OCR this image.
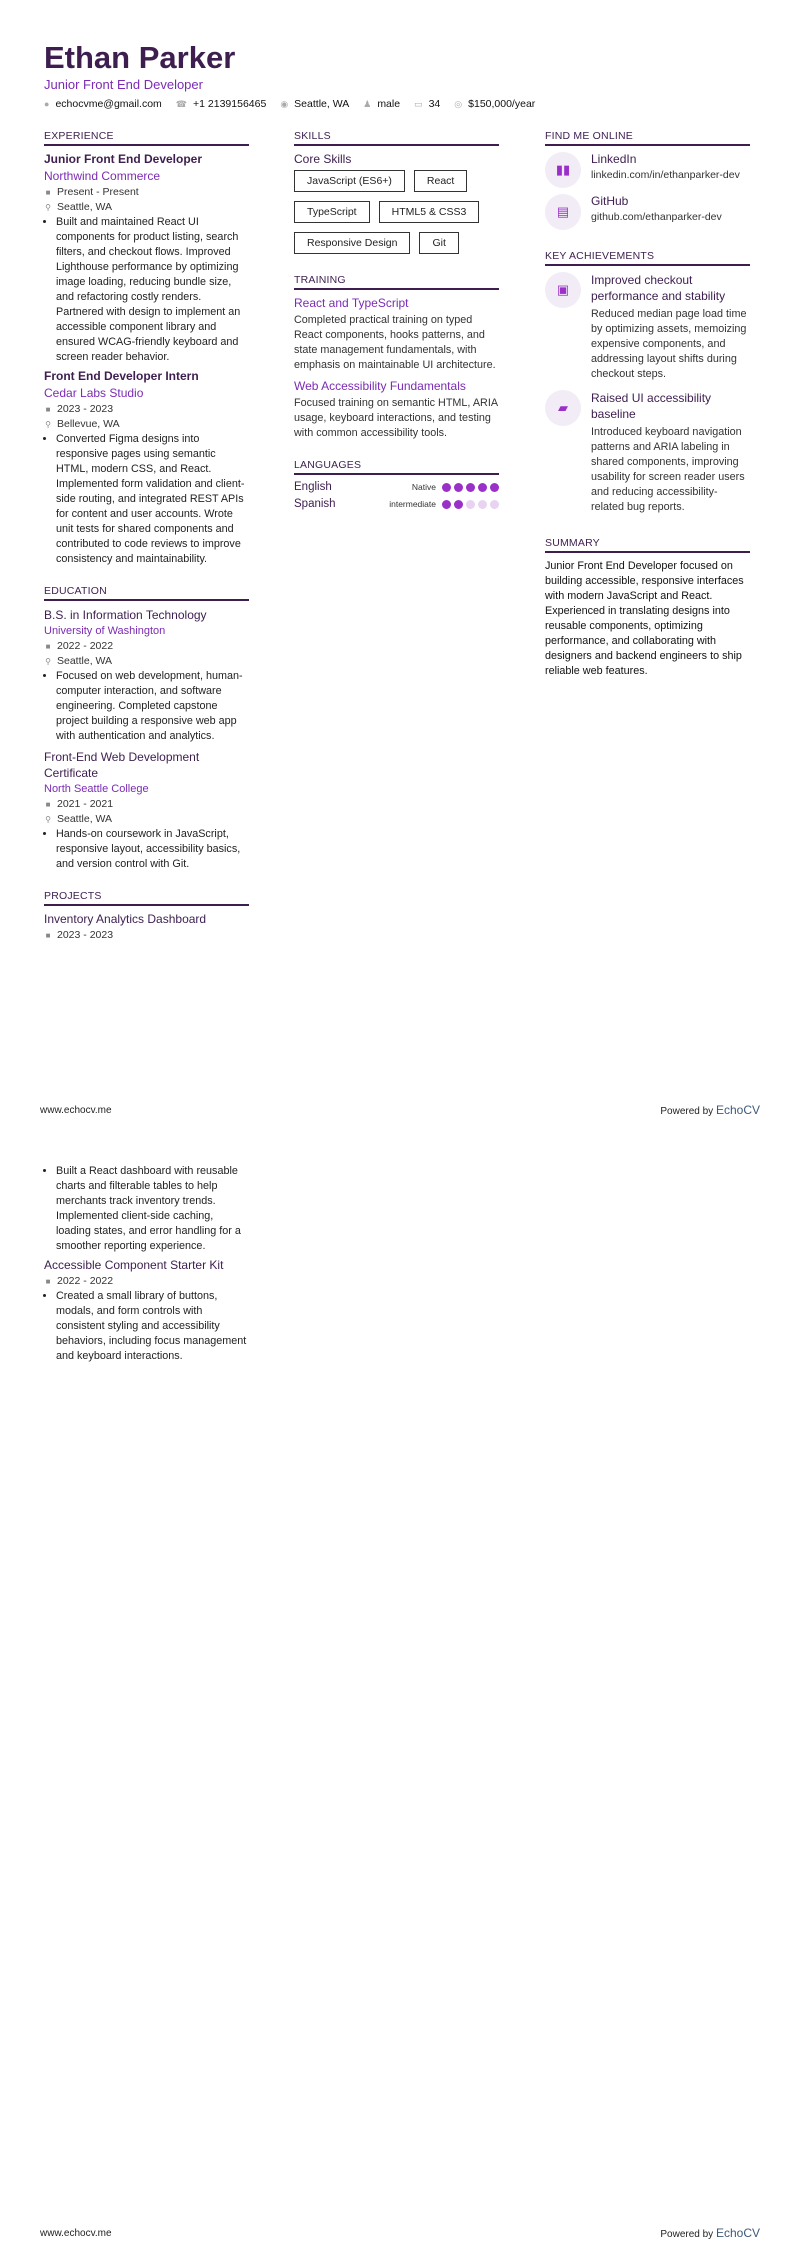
Ethan Parker
Junior Front End Developer
● echocvme@gmail.com ☎ +1 2139156465 ◉ Seattle, WA ♟ male ▭ 34 ◎ $150,000/year
EXPERIENCE
Junior Front End Developer
Northwind Commerce
■ Present - Present
⚲ Seattle, WA
• Built and maintained React UI components for product listing, search filters, and checkout flows. Improved Lighthouse performance by optimizing image loading, reducing bundle size, and refactoring costly renders. Partnered with design to implement an accessible component library and ensured WCAG-friendly keyboard and screen reader behavior.
Front End Developer Intern
Cedar Labs Studio
■ 2023 - 2023
⚲ Bellevue, WA
• Converted Figma designs into responsive pages using semantic HTML, modern CSS, and React. Implemented form validation and client-side routing, and integrated REST APIs for content and user accounts. Wrote unit tests for shared components and contributed to code reviews to improve consistency and maintainability.
EDUCATION
B.S. in Information Technology
University of Washington
■ 2022 - 2022
⚲ Seattle, WA
• Focused on web development, human-computer interaction, and software engineering. Completed capstone project building a responsive web app with authentication and analytics.
Front-End Web Development Certificate
North Seattle College
■ 2021 - 2021
⚲ Seattle, WA
• Hands-on coursework in JavaScript, responsive layout, accessibility basics, and version control with Git.
PROJECTS
Inventory Analytics Dashboard
■ 2023 - 2023
SKILLS
Core Skills
JavaScript (ES6+)	React
TypeScript	HTML5 & CSS3
Responsive Design	Git
TRAINING
React and TypeScript
Completed practical training on typed React components, hooks patterns, and state management fundamentals, with emphasis on maintainable UI architecture.
Web Accessibility Fundamentals
Focused training on semantic HTML, ARIA usage, keyboard interactions, and testing with common accessibility tools.
LANGUAGES
English	Native
Spanish	intermediate
FIND ME ONLINE
▮▮
LinkedIn
linkedin.com/in/ethanparker-dev
▤
GitHub
github.com/ethanparker-dev
KEY ACHIEVEMENTS
▣
Improved checkout performance and stability
Reduced median page load time by optimizing assets, memoizing expensive components, and addressing layout shifts during checkout steps.
▰
Raised UI accessibility baseline
Introduced keyboard navigation patterns and ARIA labeling in shared components, improving usability for screen reader users and reducing accessibility-related bug reports.
SUMMARY
Junior Front End Developer focused on building accessible, responsive interfaces with modern JavaScript and React. Experienced in translating designs into reusable components, optimizing performance, and collaborating with designers and backend engineers to ship reliable web features.
www.echocv.me	Powered by EchoCV
• Built a React dashboard with reusable charts and filterable tables to help merchants track inventory trends. Implemented client-side caching, loading states, and error handling for a smoother reporting experience.
Accessible Component Starter Kit
■ 2022 - 2022
• Created a small library of buttons, modals, and form controls with consistent styling and accessibility behaviors, including focus management and keyboard interactions.
www.echocv.me	Powered by EchoCV
